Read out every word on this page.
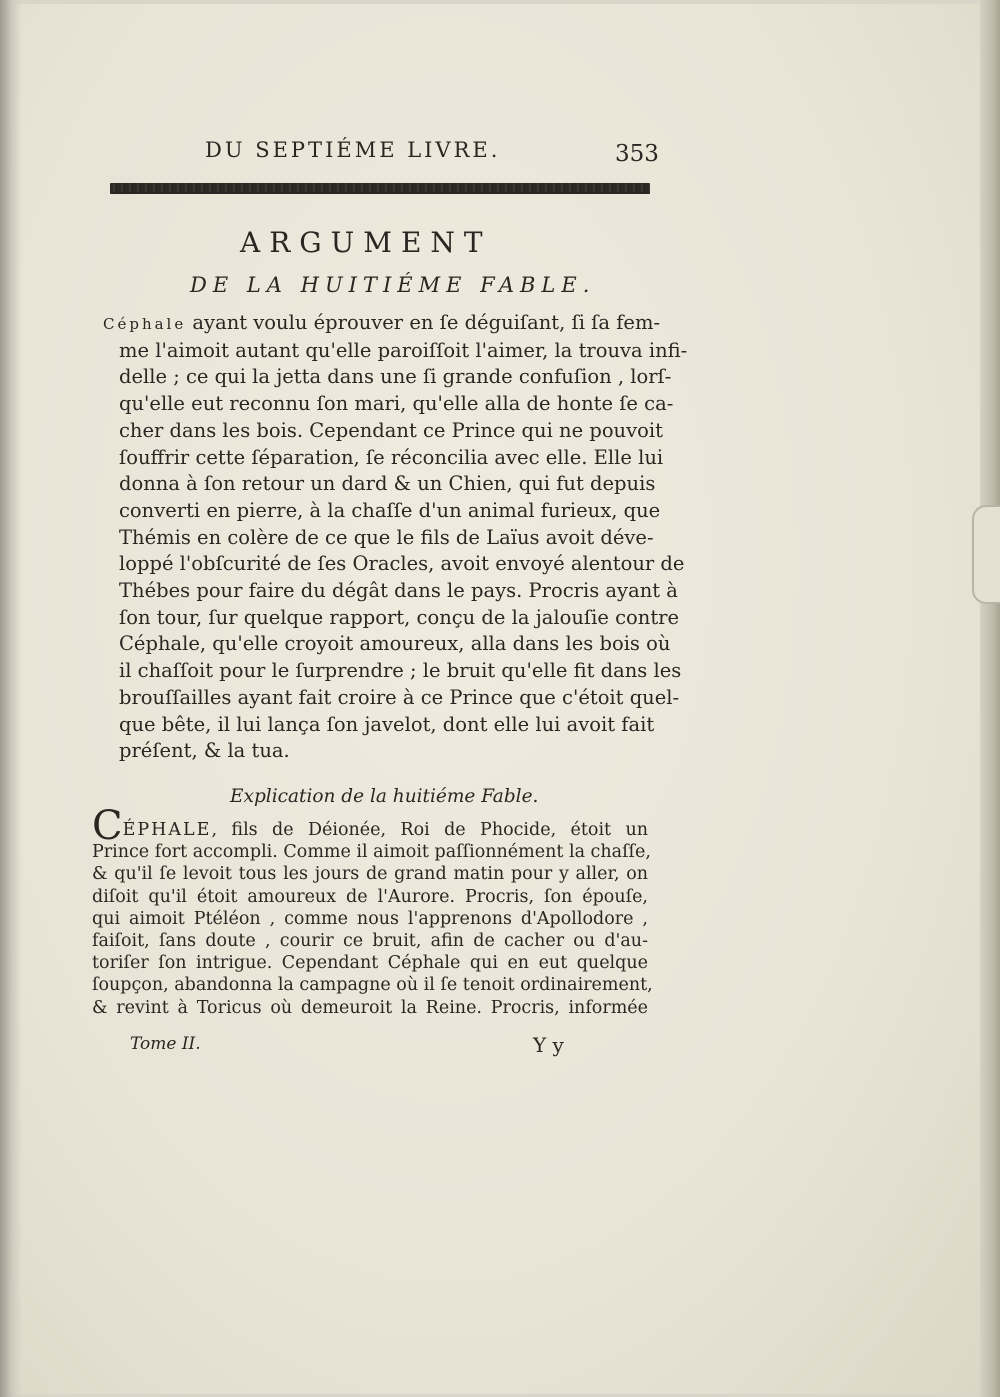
DU SEPTIÉME LIVRE.	353
ARGUMENT
DE LA HUITIÉME FABLE.
Céphale ayant voulu éprouver en ſe déguiſant, ſi ſa fem-
me l'aimoit autant qu'elle paroiſſoit l'aimer, la trouva infi-
delle ; ce qui la jetta dans une ſi grande confuſion , lorſ-
qu'elle eut reconnu ſon mari, qu'elle alla de honte ſe ca-
cher dans les bois. Cependant ce Prince qui ne pouvoit
ſouffrir cette ſéparation, ſe réconcilia avec elle. Elle lui
donna à ſon retour un dard & un Chien, qui fut depuis
converti en pierre, à la chaſſe d'un animal furieux, que
Thémis en colère de ce que le fils de Laïus avoit déve-
loppé l'obſcurité de ſes Oracles, avoit envoyé alentour de
Thébes pour faire du dégât dans le pays. Procris ayant à
ſon tour, ſur quelque rapport, conçu de la jalouſie contre
Céphale, qu'elle croyoit amoureux, alla dans les bois où
il chaſſoit pour le ſurprendre ; le bruit qu'elle fit dans les
brouſſailles ayant fait croire à ce Prince que c'étoit quel-
que bête, il lui lança ſon javelot, dont elle lui avoit fait
préſent, & la tua.
Explication de la huitiéme Fable.
CÉPHALE, fils de Déionée, Roi de Phocide, étoit un
Prince fort accompli. Comme il aimoit paſſionnément la chaſſe,
& qu'il ſe levoit tous les jours de grand matin pour y aller, on
diſoit qu'il étoit amoureux de l'Aurore. Procris, ſon épouſe,
qui aimoit Ptéléon , comme nous l'apprenons d'Apollodore ,
faiſoit, ſans doute , courir ce bruit, afin de cacher ou d'au-
toriſer ſon intrigue. Cependant Céphale qui en eut quelque
ſoupçon, abandonna la campagne où il ſe tenoit ordinairement,
& revint à Toricus où demeuroit la Reine. Procris, informée
Tome II.	Y y
